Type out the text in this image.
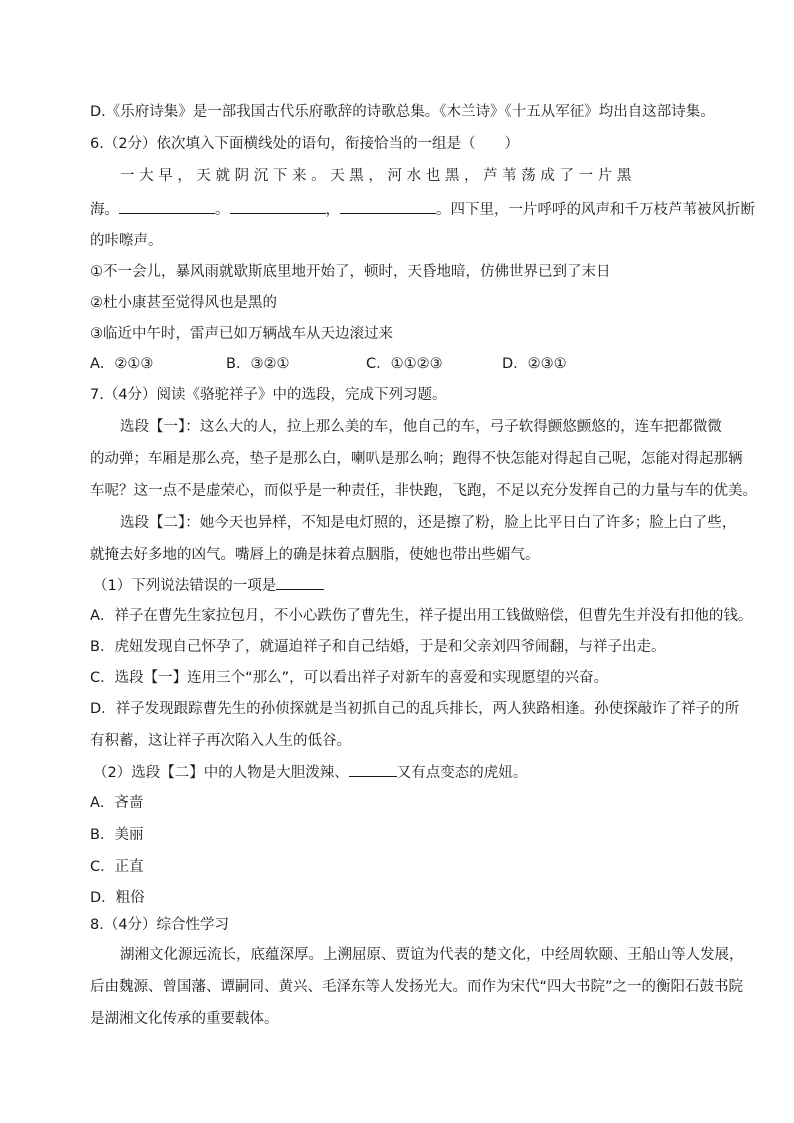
D.《乐府诗集》是一部我国古代乐府歌辞的诗歌总集。《木兰诗》《十五从军征》均出自这部诗集。
6.（2分）依次填入下面横线处的语句，衔接恰当的一组是（　　）
一 大 早 ， 天 就 阴 沉 下 来 。 天 黑 ， 河 水 也 黑 ， 芦 苇 荡 成 了 一 片 黑
海。	。	，	。四下里，一片呼呼的风声和千万枝芦苇被风折断
的咔嚓声。
①不一会儿，暴风雨就歇斯底里地开始了，顿时，天昏地暗，仿佛世界已到了末日
②杜小康甚至觉得风也是黑的
③临近中午时，雷声已如万辆战车从天边滚过来
A．②①③	B．③②①	C．①①②③	D．②③①
7.（4分）阅读《骆驼祥子》中的选段，完成下列习题。
选段【一】：这么大的人，拉上那么美的车，他自己的车，弓子软得颤悠颤悠的，连车把都微微
的动弹；车厢是那么亮，垫子是那么白，喇叭是那么响；跑得不快怎能对得起自己呢，怎能对得起那辆
车呢？这一点不是虚荣心，而似乎是一种责任，非快跑，飞跑，不足以充分发挥自己的力量与车的优美。
选段【二】：她今天也异样，不知是电灯照的，还是擦了粉，脸上比平日白了许多；脸上白了些，
就掩去好多地的凶气。嘴唇上的确是抹着点胭脂，使她也带出些媚气。
（1）下列说法错误的一项是
A．祥子在曹先生家拉包月，不小心跌伤了曹先生，祥子提出用工钱做赔偿，但曹先生并没有扣他的钱。
B．虎妞发现自己怀孕了，就逼迫祥子和自己结婚，于是和父亲刘四爷闹翻，与祥子出走。
C．选段【一】连用三个“那么”，可以看出祥子对新车的喜爱和实现愿望的兴奋。
D．祥子发现跟踪曹先生的孙侦探就是当初抓自己的乱兵排长，两人狭路相逢。孙使探敲诈了祥子的所
有积蓄，这让祥子再次陷入人生的低谷。
（2）选段【二】中的人物是大胆泼辣、	又有点变态的虎妞。
A．吝啬
B．美丽
C．正直
D．粗俗
8.（4分）综合性学习
湖湘文化源远流长，底蕴深厚。上溯屈原、贾谊为代表的楚文化，中经周软颐、王船山等人发展，
后由魏源、曾国藩、谭嗣同、黄兴、毛泽东等人发扬光大。而作为宋代“四大书院”之一的衡阳石鼓书院
是湖湘文化传承的重要载体。
